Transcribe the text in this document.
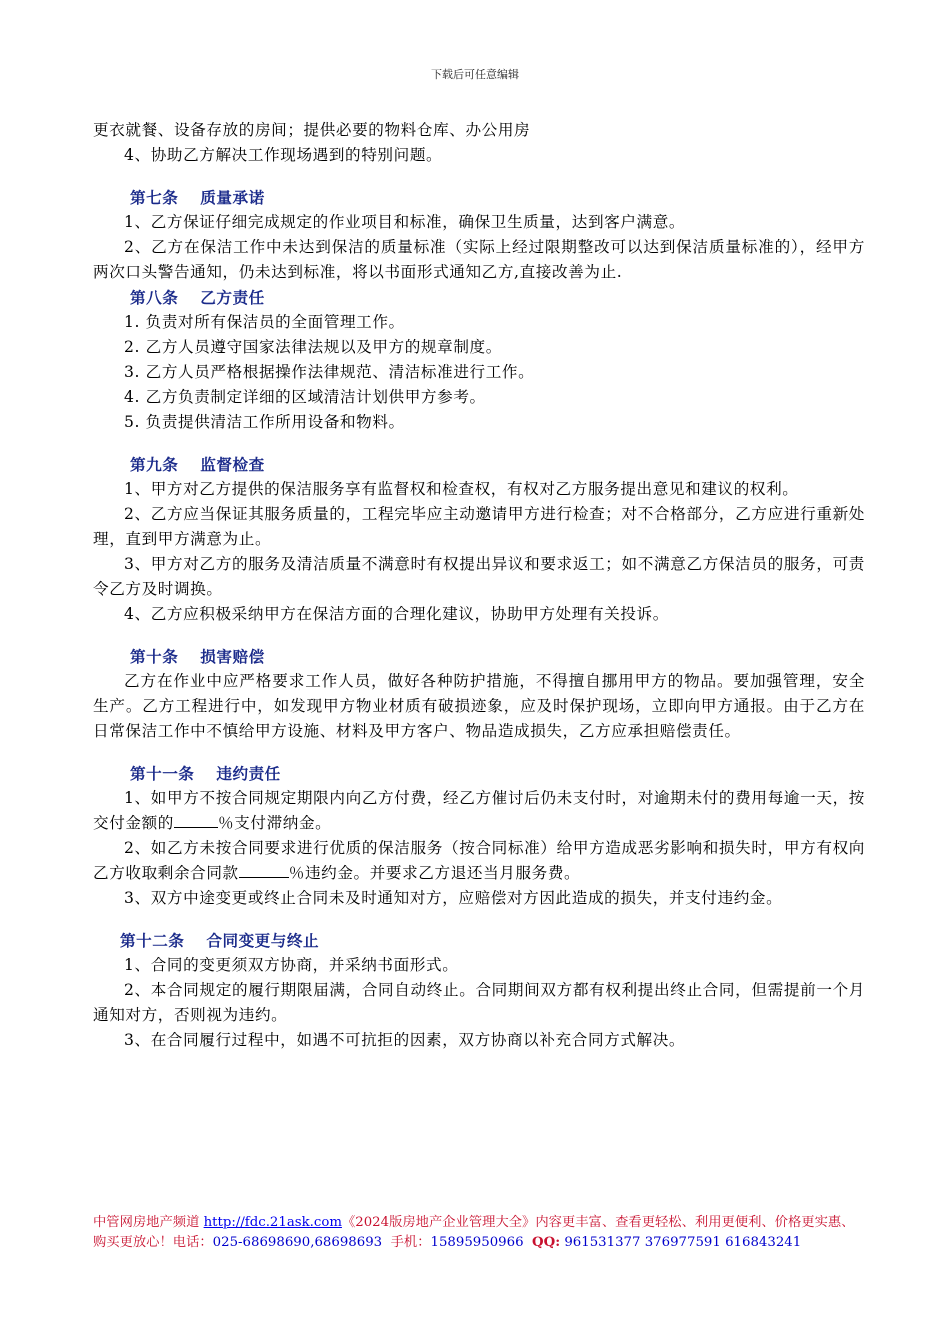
下载后可任意编辑

更衣就餐、设备存放的房间；提供必要的物料仓库、办公用房

4、协助乙方解决工作现场遇到的特别问题。

第七条 质量承诺

1、乙方保证仔细完成规定的作业项目和标准，确保卫生质量，达到客户满意。

2、乙方在保洁工作中未达到保洁的质量标准（实际上经过限期整改可以达到保洁质量标准的），经甲方两次口头警告通知，仍未达到标准，将以书面形式通知乙方,直接改善为止.

第八条 乙方责任

1. 负责对所有保洁员的全面管理工作。

2. 乙方人员遵守国家法律法规以及甲方的规章制度。

3. 乙方人员严格根据操作法律规范、清洁标准进行工作。

4. 乙方负责制定详细的区域清洁计划供甲方参考。

5. 负责提供清洁工作所用设备和物料。

第九条 监督检查

1、甲方对乙方提供的保洁服务享有监督权和检查权，有权对乙方服务提出意见和建议的权利。

2、乙方应当保证其服务质量的，工程完毕应主动邀请甲方进行检查；对不合格部分，乙方应进行重新处理，直到甲方满意为止。

3、甲方对乙方的服务及清洁质量不满意时有权提出异议和要求返工；如不满意乙方保洁员的服务，可责令乙方及时调换。

4、乙方应积极采纳甲方在保洁方面的合理化建议，协助甲方处理有关投诉。

第十条 损害赔偿

乙方在作业中应严格要求工作人员，做好各种防护措施，不得擅自挪用甲方的物品。要加强管理，安全生产。乙方工程进行中，如发现甲方物业材质有破损迹象，应及时保护现场，立即向甲方通报。由于乙方在日常保洁工作中不慎给甲方设施、材料及甲方客户、物品造成损失，乙方应承担赔偿责任。

第十一条 违约责任

1、如甲方不按合同规定期限内向乙方付费，经乙方催讨后仍未支付时，对逾期未付的费用每逾一天，按交付金额的	％支付滞纳金。

2、如乙方未按合同要求进行优质的保洁服务（按合同标准）给甲方造成恶劣影响和损失时，甲方有权向乙方收取剩余合同款	％违约金。并要求乙方退还当月服务费。

3、双方中途变更或终止合同未及时通知对方，应赔偿对方因此造成的损失，并支付违约金。

第十二条 合同变更与终止

1、合同的变更须双方协商，并采纳书面形式。

2、本合同规定的履行期限届满，合同自动终止。合同期间双方都有权利提出终止合同，但需提前一个月通知对方，否则视为违约。

3、在合同履行过程中，如遇不可抗拒的因素，双方协商以补充合同方式解决。

中管网房地产频道 http://fdc.21ask.com《2024版房地产企业管理大全》内容更丰富、查看更轻松、利用更便利、价格更实惠、购买更放心！电话：025-68698690,68698693 手机：15895950966 QQ: 961531377 376977591 616843241
